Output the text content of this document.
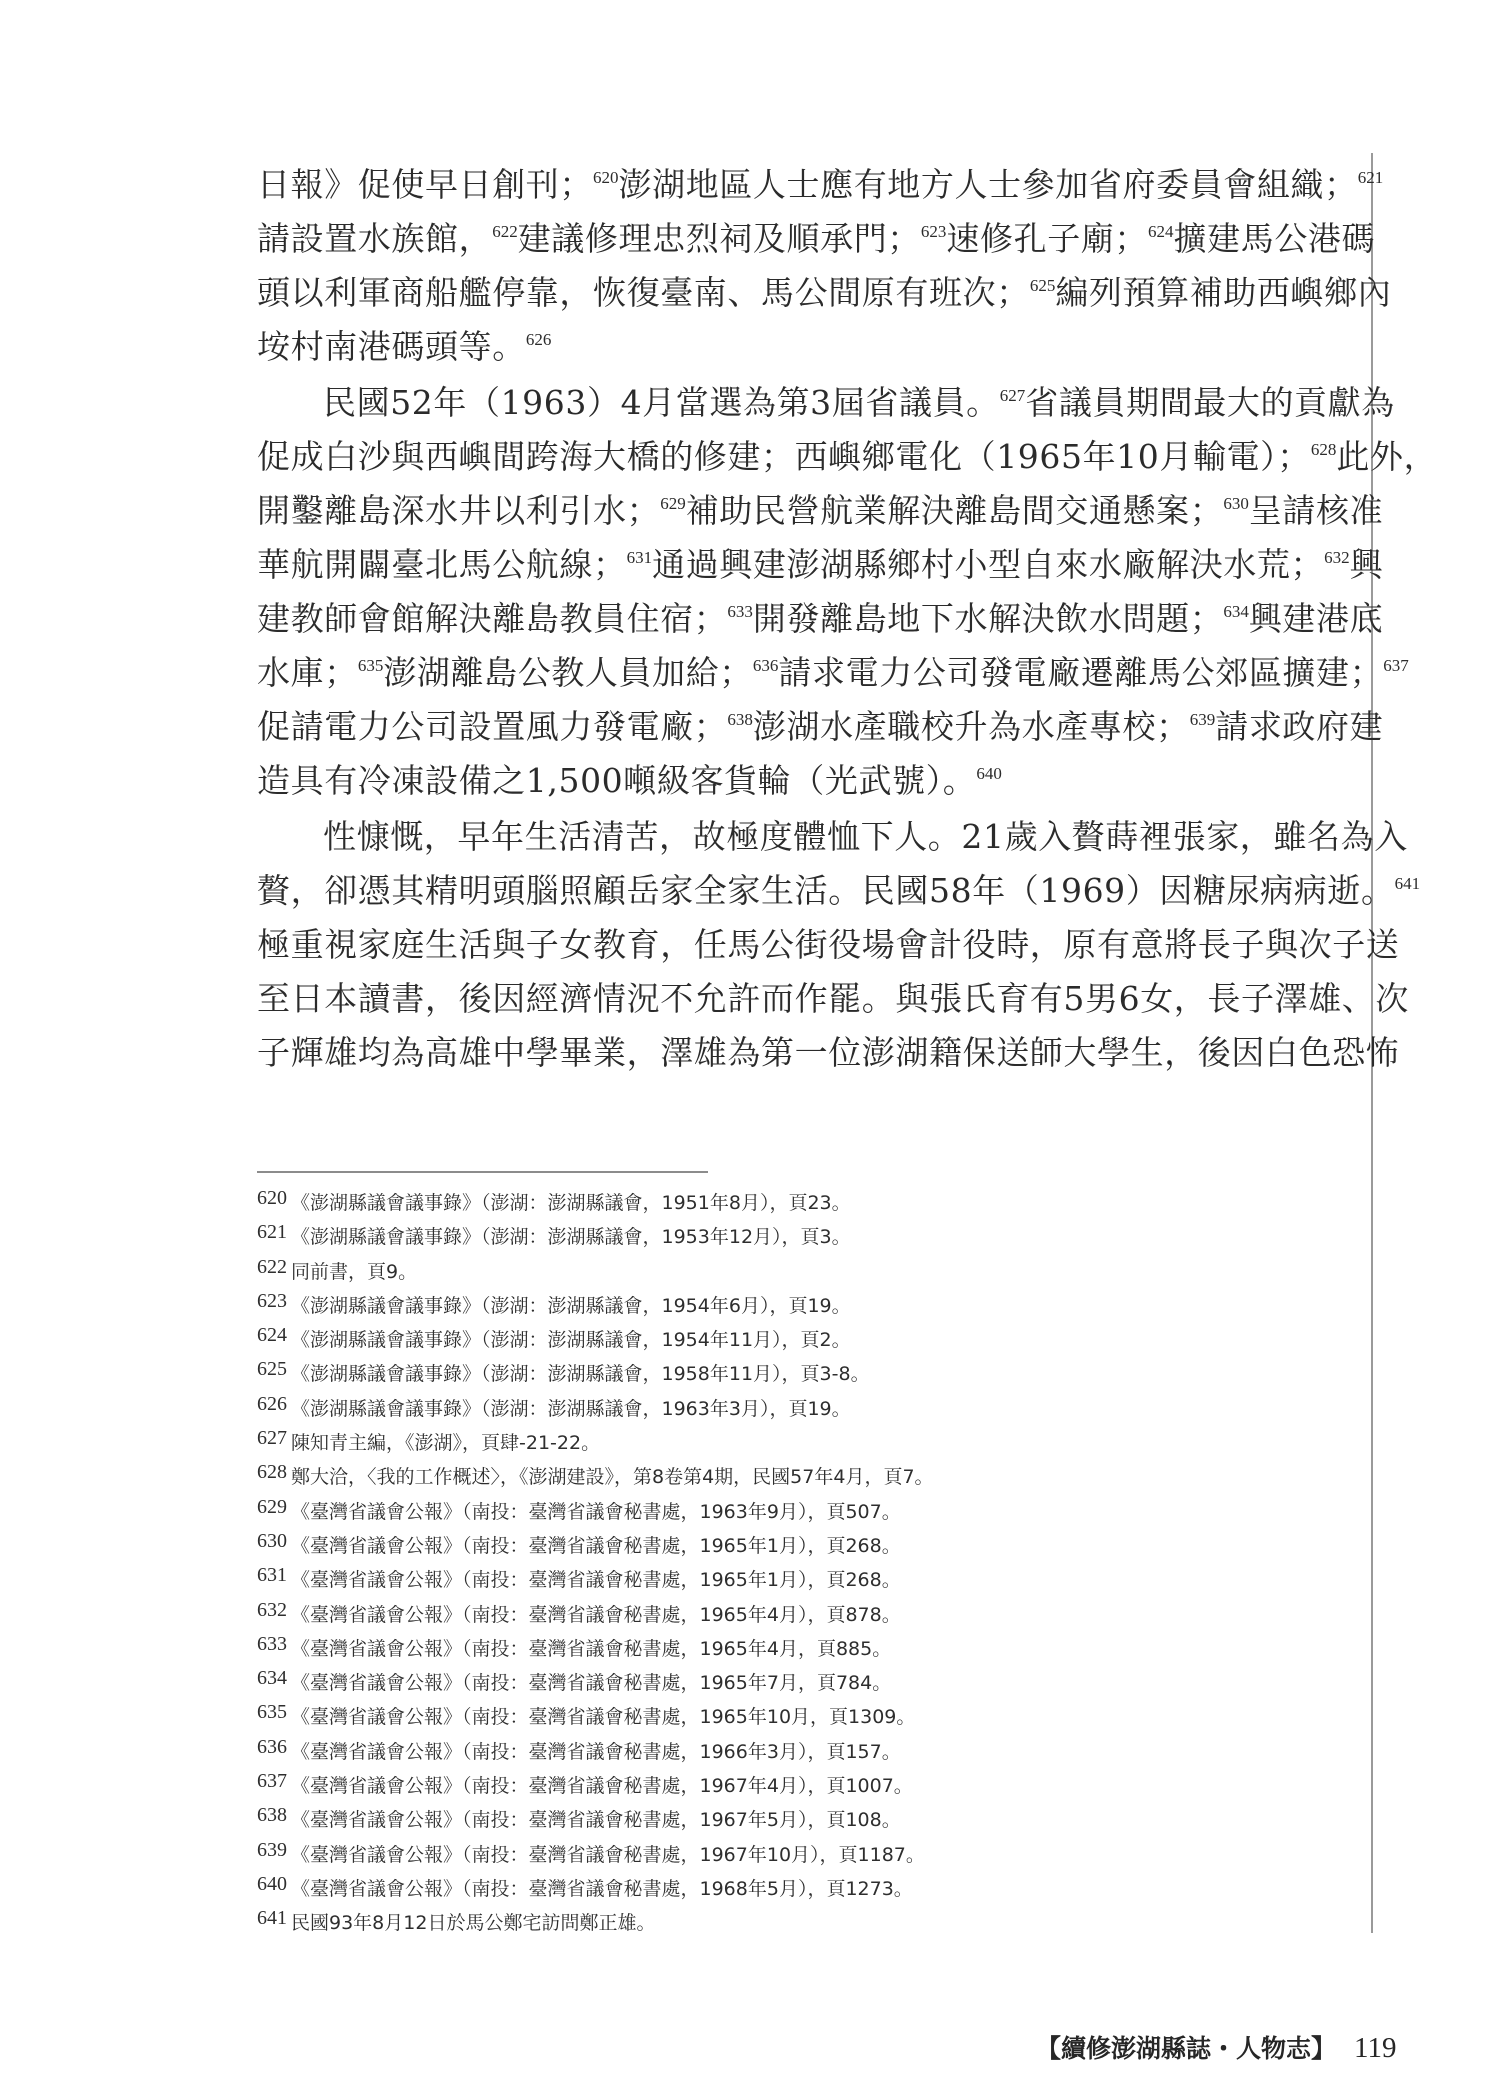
日報》促使早日創刊；$^{620}$澎湖地區人士應有地方人士參加省府委員會組織；$^{621}$
請設置水族館，$^{622}$建議修理忠烈祠及順承門；$^{623}$速修孔子廟；$^{624}$擴建馬公港碼
頭以利軍商船艦停靠，恢復臺南、馬公間原有班次；$^{625}$編列預算補助西嶼鄉內
垵村南港碼頭等。$^{626}$
民國52年（1963）4月當選為第3屆省議員。$^{627}$省議員期間最大的貢獻為
促成白沙與西嶼間跨海大橋的修建；西嶼鄉電化（1965年10月輸電）；$^{628}$此外，
開鑿離島深水井以利引水；$^{629}$補助民營航業解決離島間交通懸案；$^{630}$呈請核准
華航開闢臺北馬公航線；$^{631}$通過興建澎湖縣鄉村小型自來水廠解決水荒；$^{632}$興
建教師會館解決離島教員住宿；$^{633}$開發離島地下水解決飲水問題；$^{634}$興建港底
水庫；$^{635}$澎湖離島公教人員加給；$^{636}$請求電力公司發電廠遷離馬公郊區擴建；$^{637}$
促請電力公司設置風力發電廠；$^{638}$澎湖水產職校升為水產專校；$^{639}$請求政府建
造具有冷凍設備之1,500噸級客貨輪（光武號）。$^{640}$
性慷慨，早年生活清苦，故極度體恤下人。21歲入贅蒔裡張家，雖名為入
贅，卻憑其精明頭腦照顧岳家全家生活。民國58年（1969）因糖尿病病逝。$^{641}$
極重視家庭生活與子女教育，任馬公街役場會計役時，原有意將長子與次子送
至日本讀書，後因經濟情況不允許而作罷。與張氏育有5男6女，長子澤雄、次
子輝雄均為高雄中學畢業，澤雄為第一位澎湖籍保送師大學生，後因白色恐怖
620 《澎湖縣議會議事錄》（澎湖：澎湖縣議會，1951年8月），頁23。
621 《澎湖縣議會議事錄》（澎湖：澎湖縣議會，1953年12月），頁3。
622 同前書，頁9。
623 《澎湖縣議會議事錄》（澎湖：澎湖縣議會，1954年6月），頁19。
624 《澎湖縣議會議事錄》（澎湖：澎湖縣議會，1954年11月），頁2。
625 《澎湖縣議會議事錄》（澎湖：澎湖縣議會，1958年11月），頁3-8。
626 《澎湖縣議會議事錄》（澎湖：澎湖縣議會，1963年3月），頁19。
627 陳知青主編，《澎湖》，頁肆-21-22。
628 鄭大洽，〈我的工作概述〉，《澎湖建設》，第8卷第4期，民國57年4月，頁7。
629 《臺灣省議會公報》（南投：臺灣省議會秘書處，1963年9月），頁507。
630 《臺灣省議會公報》（南投：臺灣省議會秘書處，1965年1月），頁268。
631 《臺灣省議會公報》（南投：臺灣省議會秘書處，1965年1月），頁268。
632 《臺灣省議會公報》（南投：臺灣省議會秘書處，1965年4月），頁878。
633 《臺灣省議會公報》（南投：臺灣省議會秘書處，1965年4月，頁885。
634 《臺灣省議會公報》（南投：臺灣省議會秘書處，1965年7月，頁784。
635 《臺灣省議會公報》（南投：臺灣省議會秘書處，1965年10月，頁1309。
636 《臺灣省議會公報》（南投：臺灣省議會秘書處，1966年3月），頁157。
637 《臺灣省議會公報》（南投：臺灣省議會秘書處，1967年4月），頁1007。
638 《臺灣省議會公報》（南投：臺灣省議會秘書處，1967年5月），頁108。
639 《臺灣省議會公報》（南投：臺灣省議會秘書處，1967年10月），頁1187。
640 《臺灣省議會公報》（南投：臺灣省議會秘書處，1968年5月），頁1273。
641 民國93年8月12日於馬公鄭宅訪問鄭正雄。
【續修澎湖縣誌・人物志】 119
